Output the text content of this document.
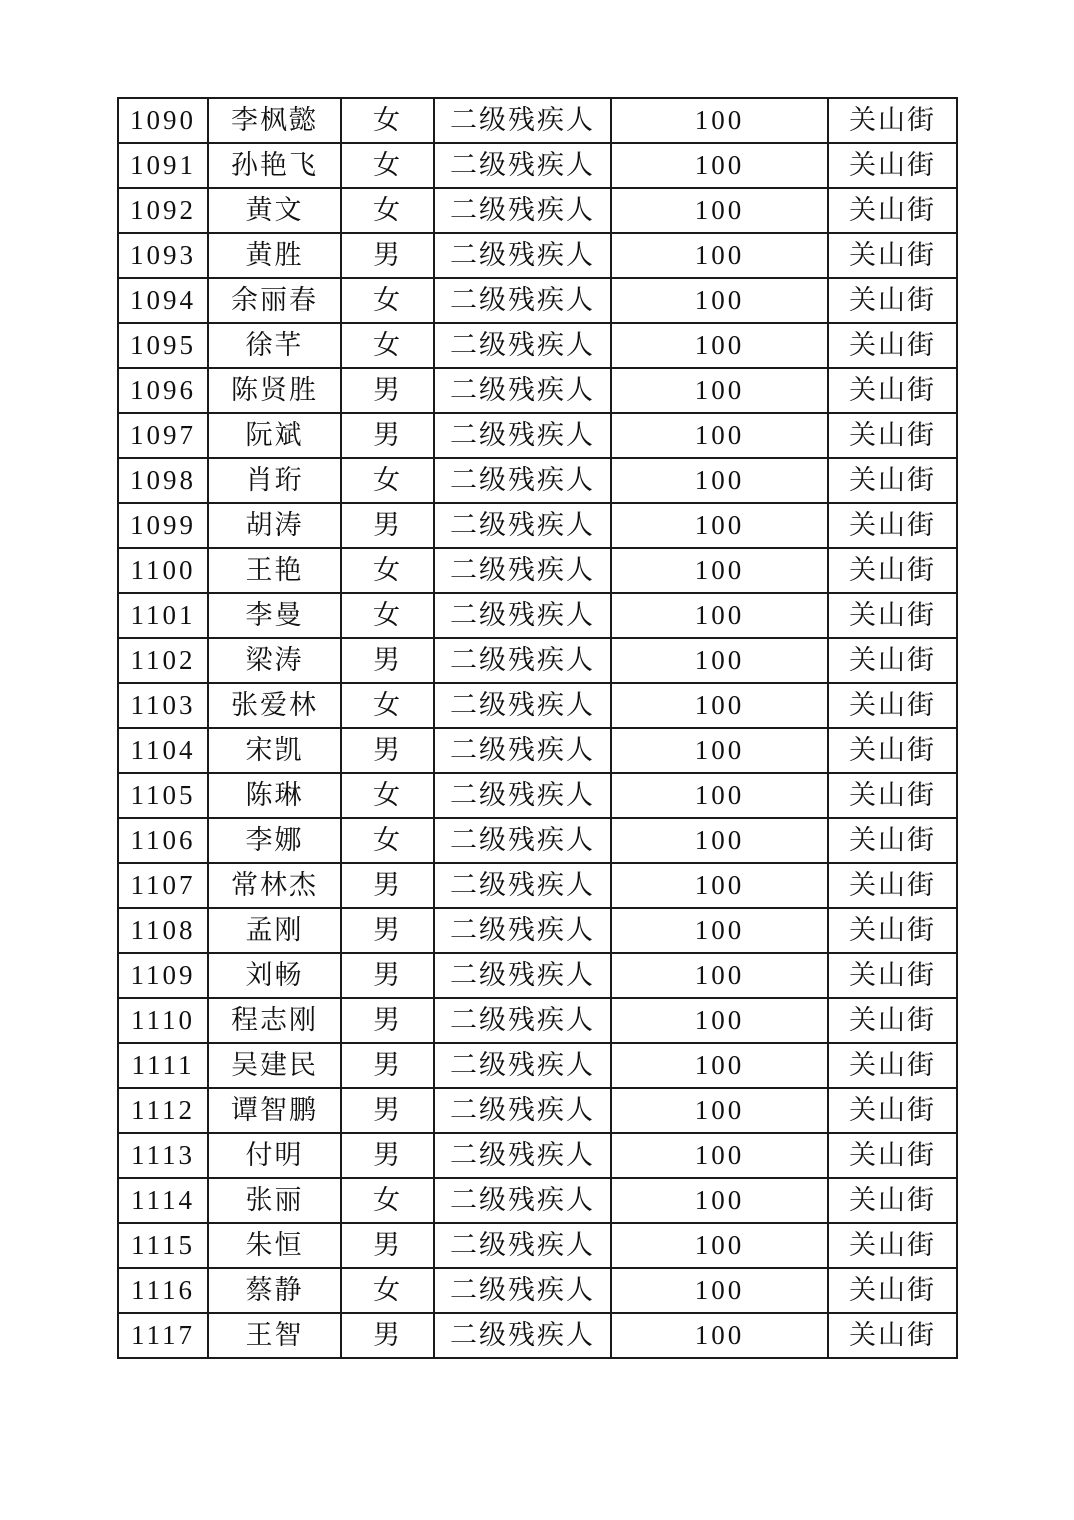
1090	李枫懿	女	二级残疾人	100	关山街
1091	孙艳飞	女	二级残疾人	100	关山街
1092	黄文	女	二级残疾人	100	关山街
1093	黄胜	男	二级残疾人	100	关山街
1094	余丽春	女	二级残疾人	100	关山街
1095	徐芊	女	二级残疾人	100	关山街
1096	陈贤胜	男	二级残疾人	100	关山街
1097	阮斌	男	二级残疾人	100	关山街
1098	肖珩	女	二级残疾人	100	关山街
1099	胡涛	男	二级残疾人	100	关山街
1100	王艳	女	二级残疾人	100	关山街
1101	李曼	女	二级残疾人	100	关山街
1102	梁涛	男	二级残疾人	100	关山街
1103	张爱林	女	二级残疾人	100	关山街
1104	宋凯	男	二级残疾人	100	关山街
1105	陈琳	女	二级残疾人	100	关山街
1106	李娜	女	二级残疾人	100	关山街
1107	常林杰	男	二级残疾人	100	关山街
1108	孟刚	男	二级残疾人	100	关山街
1109	刘畅	男	二级残疾人	100	关山街
1110	程志刚	男	二级残疾人	100	关山街
1111	吴建民	男	二级残疾人	100	关山街
1112	谭智鹏	男	二级残疾人	100	关山街
1113	付明	男	二级残疾人	100	关山街
1114	张丽	女	二级残疾人	100	关山街
1115	朱恒	男	二级残疾人	100	关山街
1116	蔡静	女	二级残疾人	100	关山街
1117	王智	男	二级残疾人	100	关山街
